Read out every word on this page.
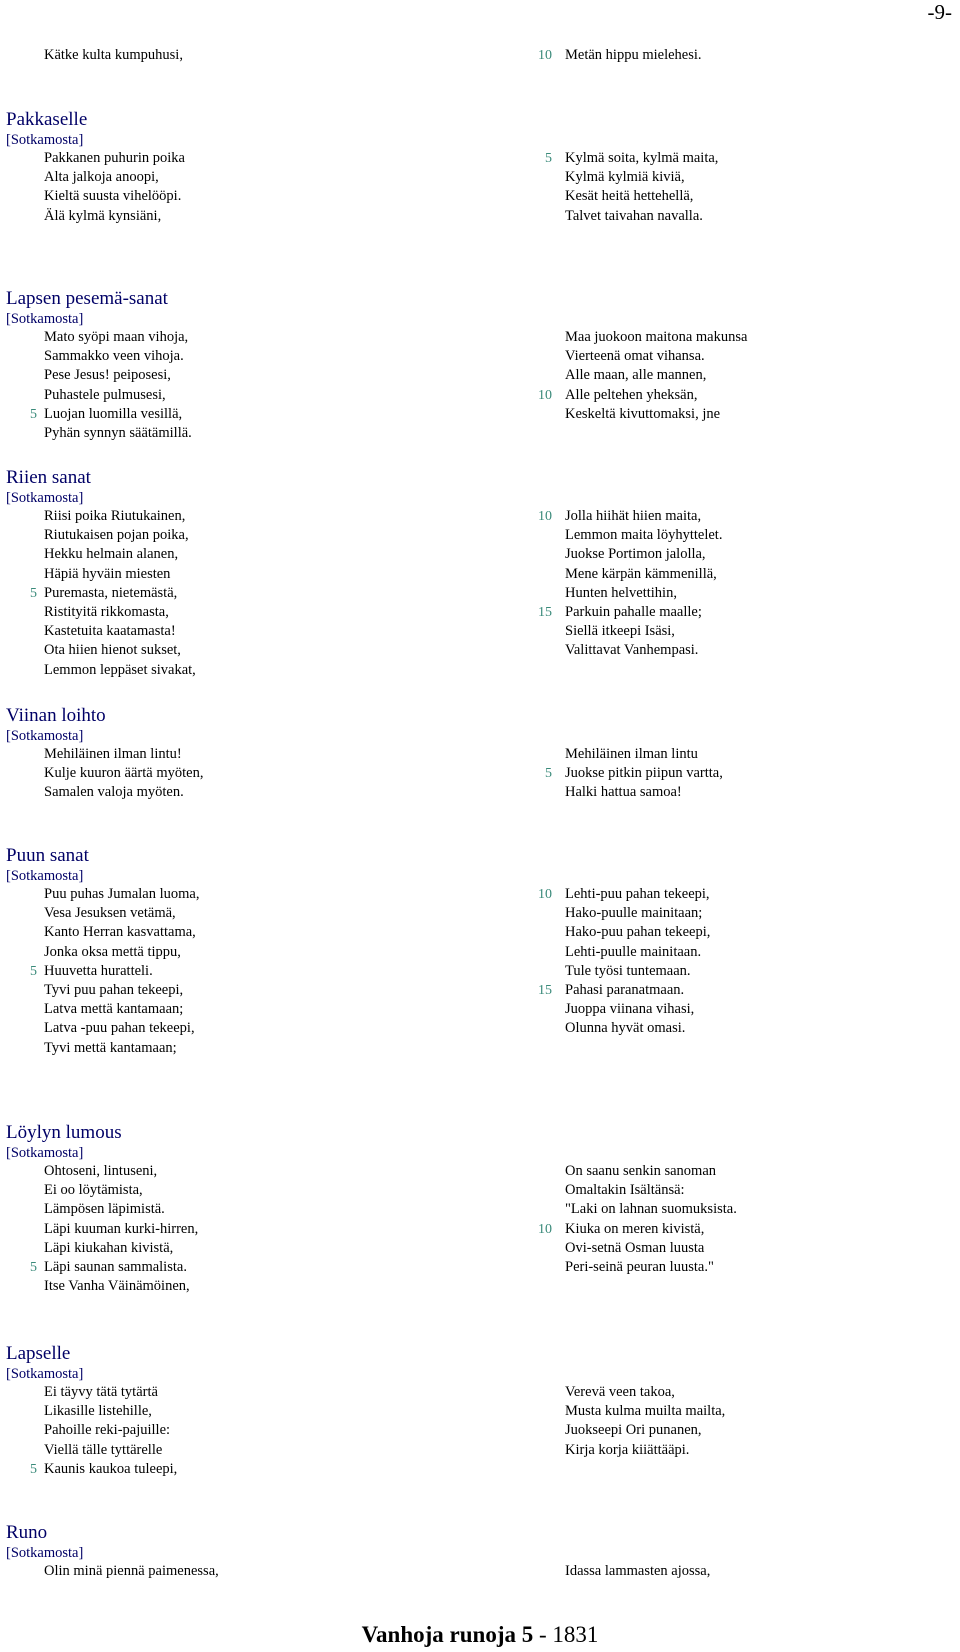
-9-
Kätke kulta kumpuhusi,	10 Metän hippu mielehesi.
Pakkaselle
[Sotkamosta]
Pakkanen puhurin poika
Alta jalkoja anoopi,
Kieltä suusta vihelööpi.
Älä kylmä kynsiäni,
5 Kylmä soita, kylmä maita,
Kylmä kylmiä kiviä,
Kesät heitä hettehellä,
Talvet taivahan navalla.
Lapsen pesemä-sanat
[Sotkamosta]
Mato syöpi maan vihoja,
Sammakko veen vihoja.
Pese Jesus! peiposesi,
Puhastele pulmusesi,
5 Luojan luomilla vesillä,
Pyhän synnyn säätämillä.
Maa juokoon maitona makunsa
Vierteenä omat vihansa.
Alle maan, alle mannen,
10 Alle peltehen yheksän,
Keskeltä kivuttomaksi, jne
Riien sanat
[Sotkamosta]
Riisi poika Riutukainen,
Riutukaisen pojan poika,
Hekku helmain alanen,
Häpiä hyväin miesten
5 Puremasta, nietemästä,
Ristityitä rikkomasta,
Kastetuita kaatamasta!
Ota hiien hienot sukset,
Lemmon leppäset sivakat,
10 Jolla hiihät hiien maita,
Lemmon maita löyhyttelet.
Juokse Portimon jalolla,
Mene kärpän kämmenillä,
Hunten helvettihin,
15 Parkuin pahalle maalle;
Siellä itkeepi Isäsi,
Valittavat Vanhempasi.
Viinan loihto
[Sotkamosta]
Mehiläinen ilman lintu!
Kulje kuuron äärtä myöten,
Samalen valoja myöten.
Mehiläinen ilman lintu
5 Juokse pitkin piipun vartta,
Halki hattua samoa!
Puun sanat
[Sotkamosta]
Puu puhas Jumalan luoma,
Vesa Jesuksen vetämä,
Kanto Herran kasvattama,
Jonka oksa mettä tippu,
5 Huuvetta huratteli.
Tyvi puu pahan tekeepi,
Latva mettä kantamaan;
Latva -puu pahan tekeepi,
Tyvi mettä kantamaan;
10 Lehti-puu pahan tekeepi,
Hako-puulle mainitaan;
Hako-puu pahan tekeepi,
Lehti-puulle mainitaan.
Tule työsi tuntemaan.
15 Pahasi paranatmaan.
Juoppa viinana vihasi,
Olunna hyvät omasi.
Löylyn lumous
[Sotkamosta]
Ohtoseni, lintuseni,
Ei oo löytämista,
Lämpösen läpimistä.
Läpi kuuman kurki-hirren,
Läpi kiukahan kivistä,
5 Läpi saunan sammalista.
Itse Vanha Väinämöinen,
On saanu senkin sanoman
Omaltakin Isältänsä:
"Laki on lahnan suomuksista.
10 Kiuka on meren kivistä,
Ovi-setnä Osman luusta
Peri-seinä peuran luusta."
Lapselle
[Sotkamosta]
Ei täyvy tätä tytärtä
Likasille listehille,
Pahoille reki-pajuille:
Viellä tälle tyttärelle
5 Kaunis kaukoa tuleepi,
Verevä veen takoa,
Musta kulma muilta mailta,
Juokseepi Ori punanen,
Kirja korja kiiättääpi.
Runo
[Sotkamosta]
Olin minä piennä paimenessa,	Idassa lammasten ajossa,
Vanhoja runoja 5 - 1831
